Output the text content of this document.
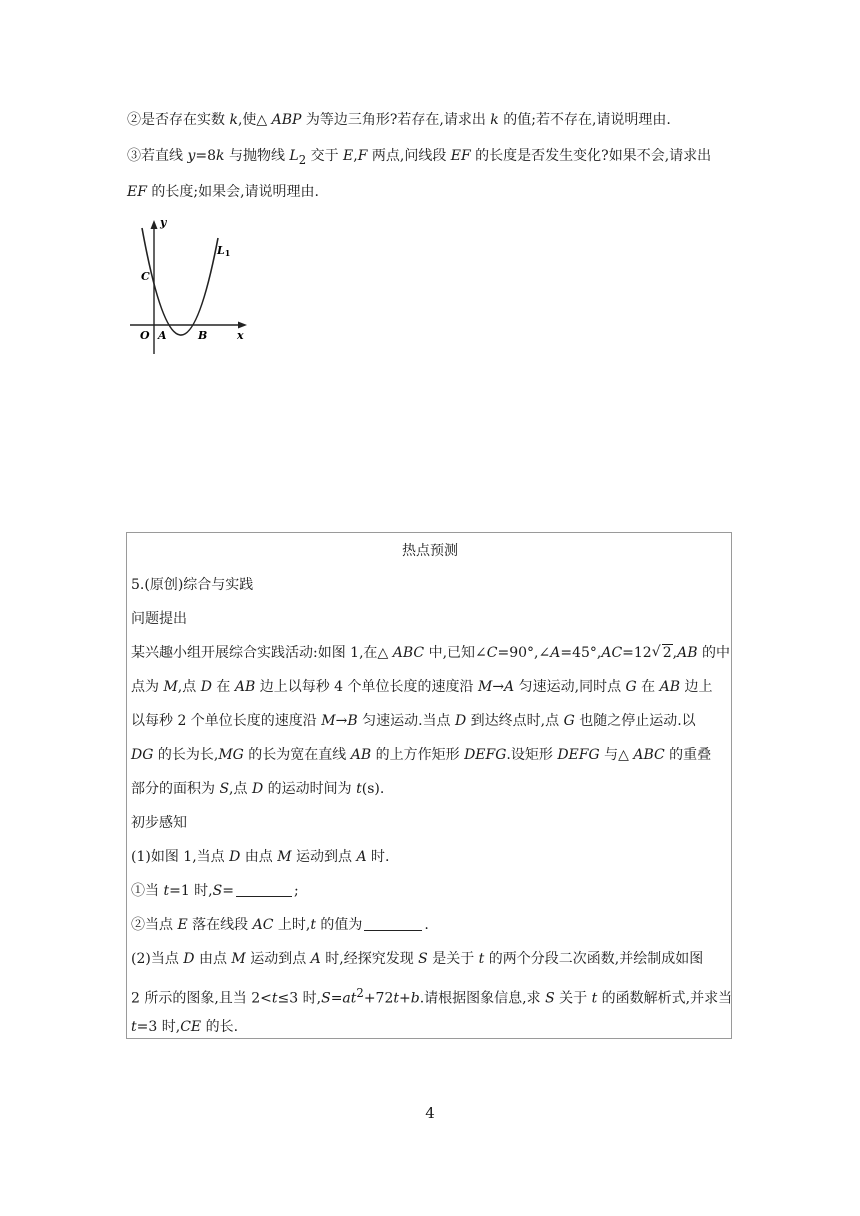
②是否存在实数 k,使△ ABP 为等边三角形?若存在,请求出 k 的值;若不存在,请说明理由.
③若直线 y=8k 与抛物线 $L_2$ 交于 E,F 两点,问线段 EF 的长度是否发生变化?如果不会,请求出
EF 的长度;如果会,请说明理由.
y
x
O A	B
C
L1
热点预测
5.(原创)综合与实践
问题提出
某兴趣小组开展综合实践活动:如图 1,在△ ABC 中,已知∠C=90°,∠A=45°,AC=12√ 2,AB 的中
点为 M,点 D 在 AB 边上以每秒 4 个单位长度的速度沿 M→A 匀速运动,同时点 G 在 AB 边上
以每秒 2 个单位长度的速度沿 M→B 匀速运动.当点 D 到达终点时,点 G 也随之停止运动.以
DG 的长为长,MG 的长为宽在直线 AB 的上方作矩形 DEFG.设矩形 DEFG 与△ ABC 的重叠
部分的面积为 S,点 D 的运动时间为 t(s).
初步感知
(1)如图 1,当点 D 由点 M 运动到点 A 时.
①当 t=1 时,S=	;
②当点 E 落在线段 AC 上时,t 的值为	.
(2)当点 D 由点 M 运动到点 A 时,经探究发现 S 是关于 t 的两个分段二次函数,并绘制成如图
2 所示的图象,且当 2<t≤3 时$,S=at^2+72t+b$.请根据图象信息,求 S 关于 t 的函数解析式,并求当
t=3 时,CE 的长.
4
